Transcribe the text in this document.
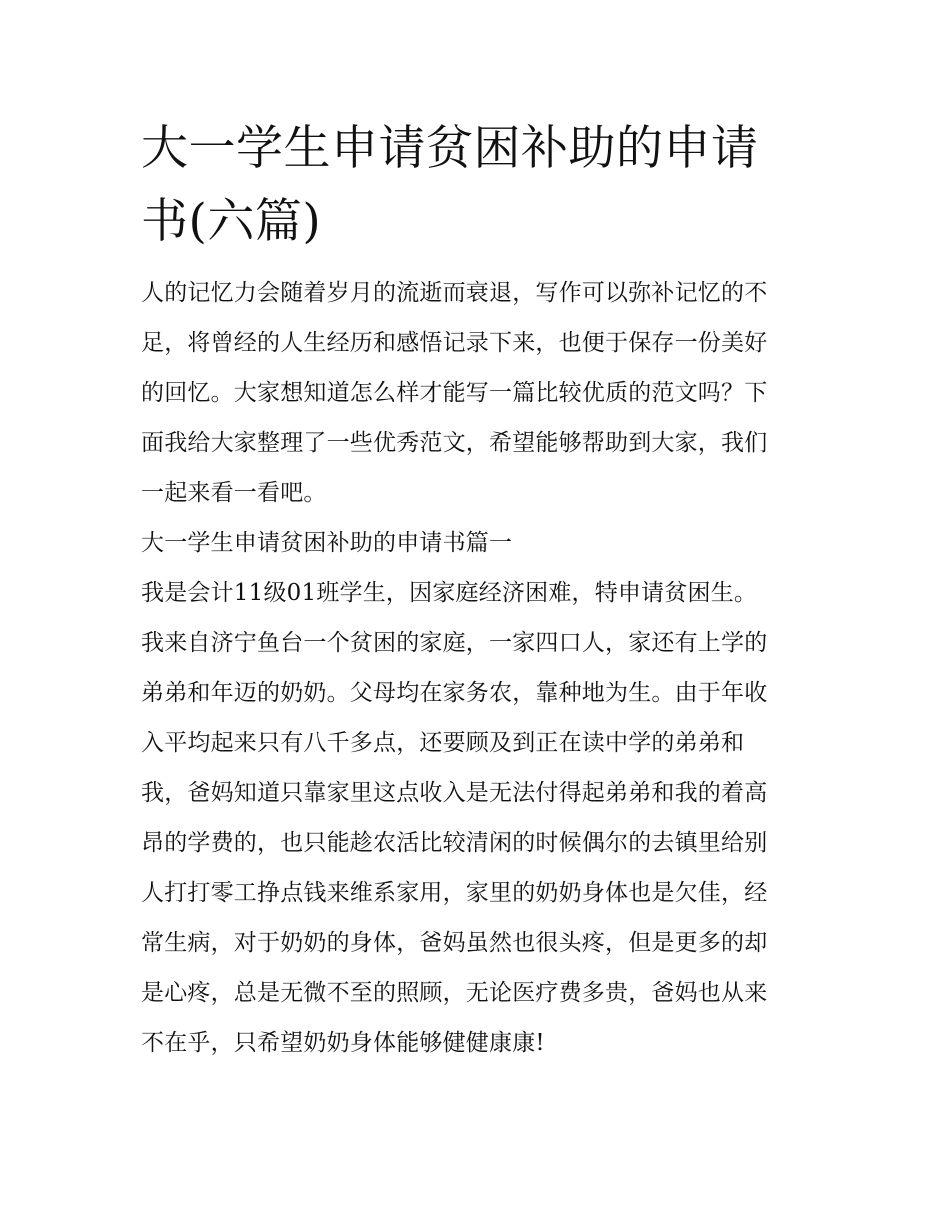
大一学生申请贫困补助的申请
书(六篇)

人的记忆力会随着岁月的流逝而衰退，写作可以弥补记忆的不
足，将曾经的人生经历和感悟记录下来，也便于保存一份美好
的回忆。大家想知道怎么样才能写一篇比较优质的范文吗？下
面我给大家整理了一些优秀范文，希望能够帮助到大家，我们
一起来看一看吧。

大一学生申请贫困补助的申请书篇一

我是会计11级01班学生，因家庭经济困难，特申请贫困生。

我来自济宁鱼台一个贫困的家庭，一家四口人，家还有上学的
弟弟和年迈的奶奶。父母均在家务农，靠种地为生。由于年收
入平均起来只有八千多点，还要顾及到正在读中学的弟弟和
我，爸妈知道只靠家里这点收入是无法付得起弟弟和我的着高
昂的学费的，也只能趁农活比较清闲的时候偶尔的去镇里给别
人打打零工挣点钱来维系家用，家里的奶奶身体也是欠佳，经
常生病，对于奶奶的身体，爸妈虽然也很头疼，但是更多的却
是心疼，总是无微不至的照顾，无论医疗费多贵，爸妈也从来
不在乎，只希望奶奶身体能够健健康康!
